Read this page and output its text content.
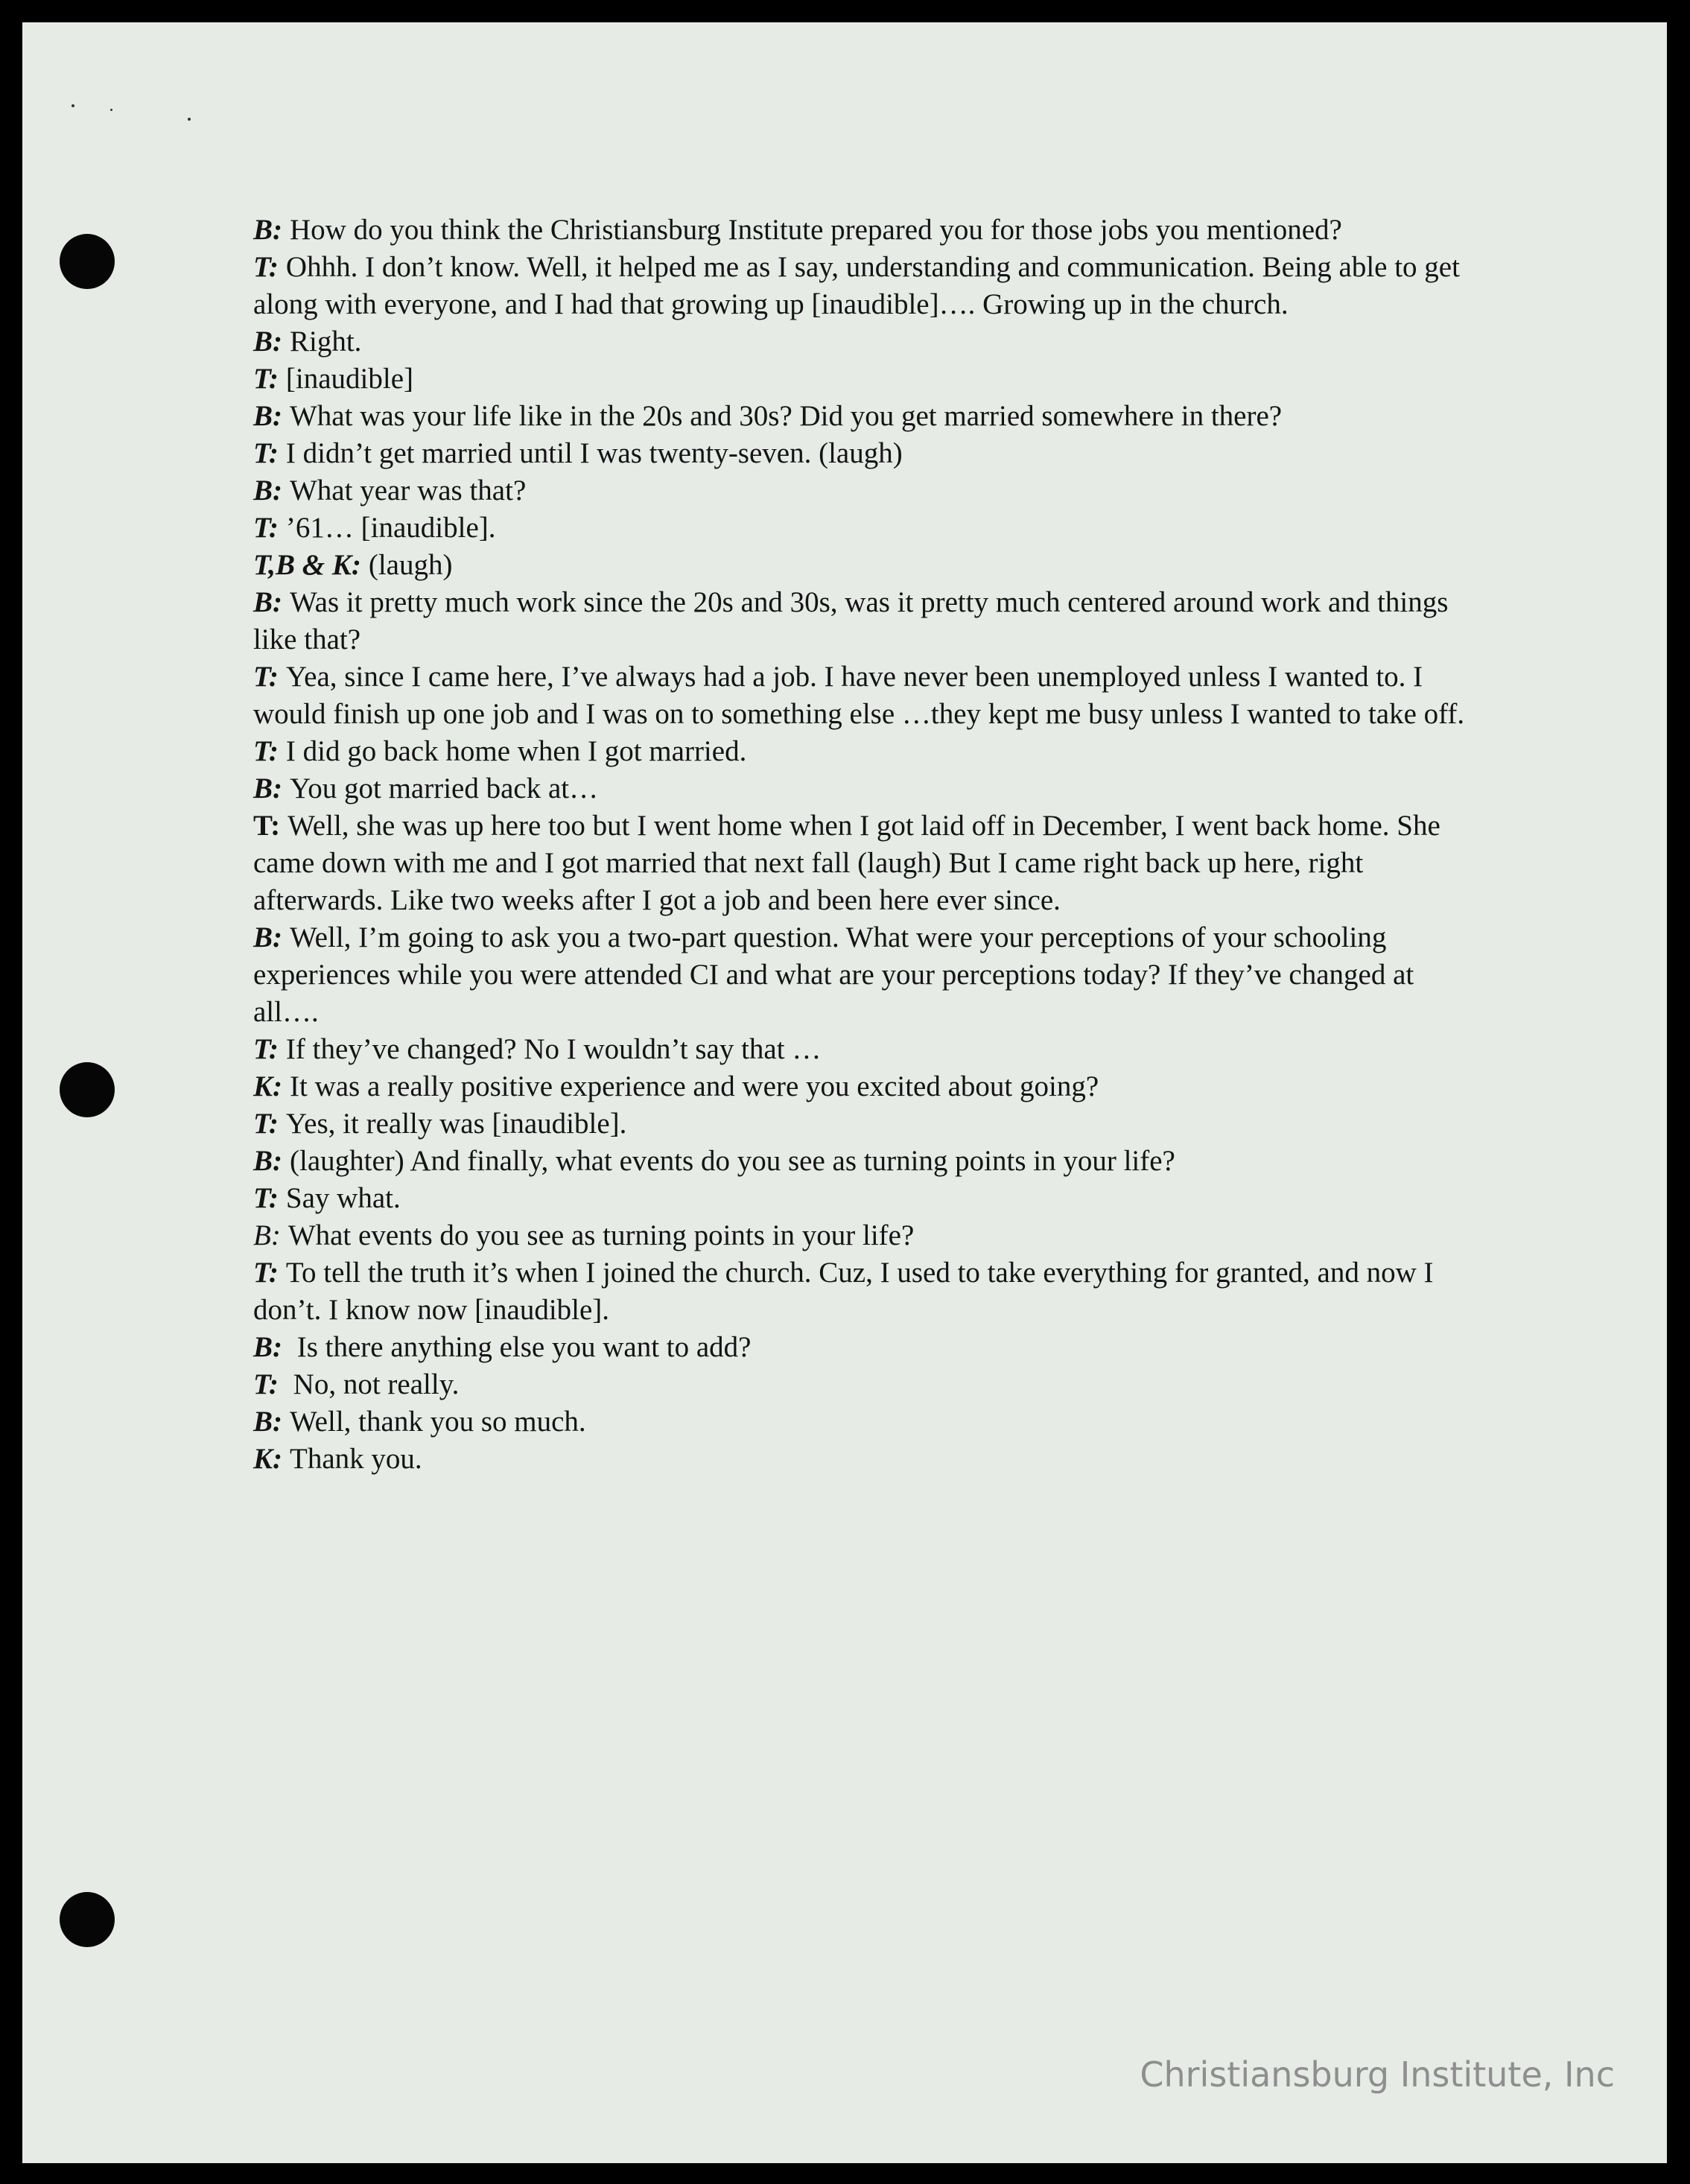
B: How do you think the Christiansburg Institute prepared you for those jobs you mentioned?

T: Ohhh. I don’t know. Well, it helped me as I say, understanding and communication. Being able to get along with everyone, and I had that growing up [inaudible]…. Growing up in the church.

B: Right.

T: [inaudible]

B: What was your life like in the 20s and 30s? Did you get married somewhere in there?

T: I didn’t get married until I was twenty-seven. (laugh)

B: What year was that?

T: ’61… [inaudible].

T,B & K: (laugh)

B: Was it pretty much work since the 20s and 30s, was it pretty much centered around work and things like that?

T: Yea, since I came here, I’ve always had a job. I have never been unemployed unless I wanted to. I would finish up one job and I was on to something else …they kept me busy unless I wanted to take off.

T: I did go back home when I got married.

B: You got married back at…

T: Well, she was up here too but I went home when I got laid off in December, I went back home. She came down with me and I got married that next fall (laugh) But I came right back up here, right afterwards. Like two weeks after I got a job and been here ever since.

B: Well, I’m going to ask you a two-part question. What were your perceptions of your schooling experiences while you were attended CI and what are your perceptions today? If they’ve changed at all….

T: If they’ve changed? No I wouldn’t say that …

K: It was a really positive experience and were you excited about going?

T: Yes, it really was [inaudible].

B: (laughter) And finally, what events do you see as turning points in your life?

T: Say what.

B: What events do you see as turning points in your life?

T: To tell the truth it’s when I joined the church. Cuz, I used to take everything for granted, and now I don’t. I know now [inaudible].

B: Is there anything else you want to add?

T: No, not really.

B: Well, thank you so much.

K: Thank you.

Christiansburg Institute, Inc
